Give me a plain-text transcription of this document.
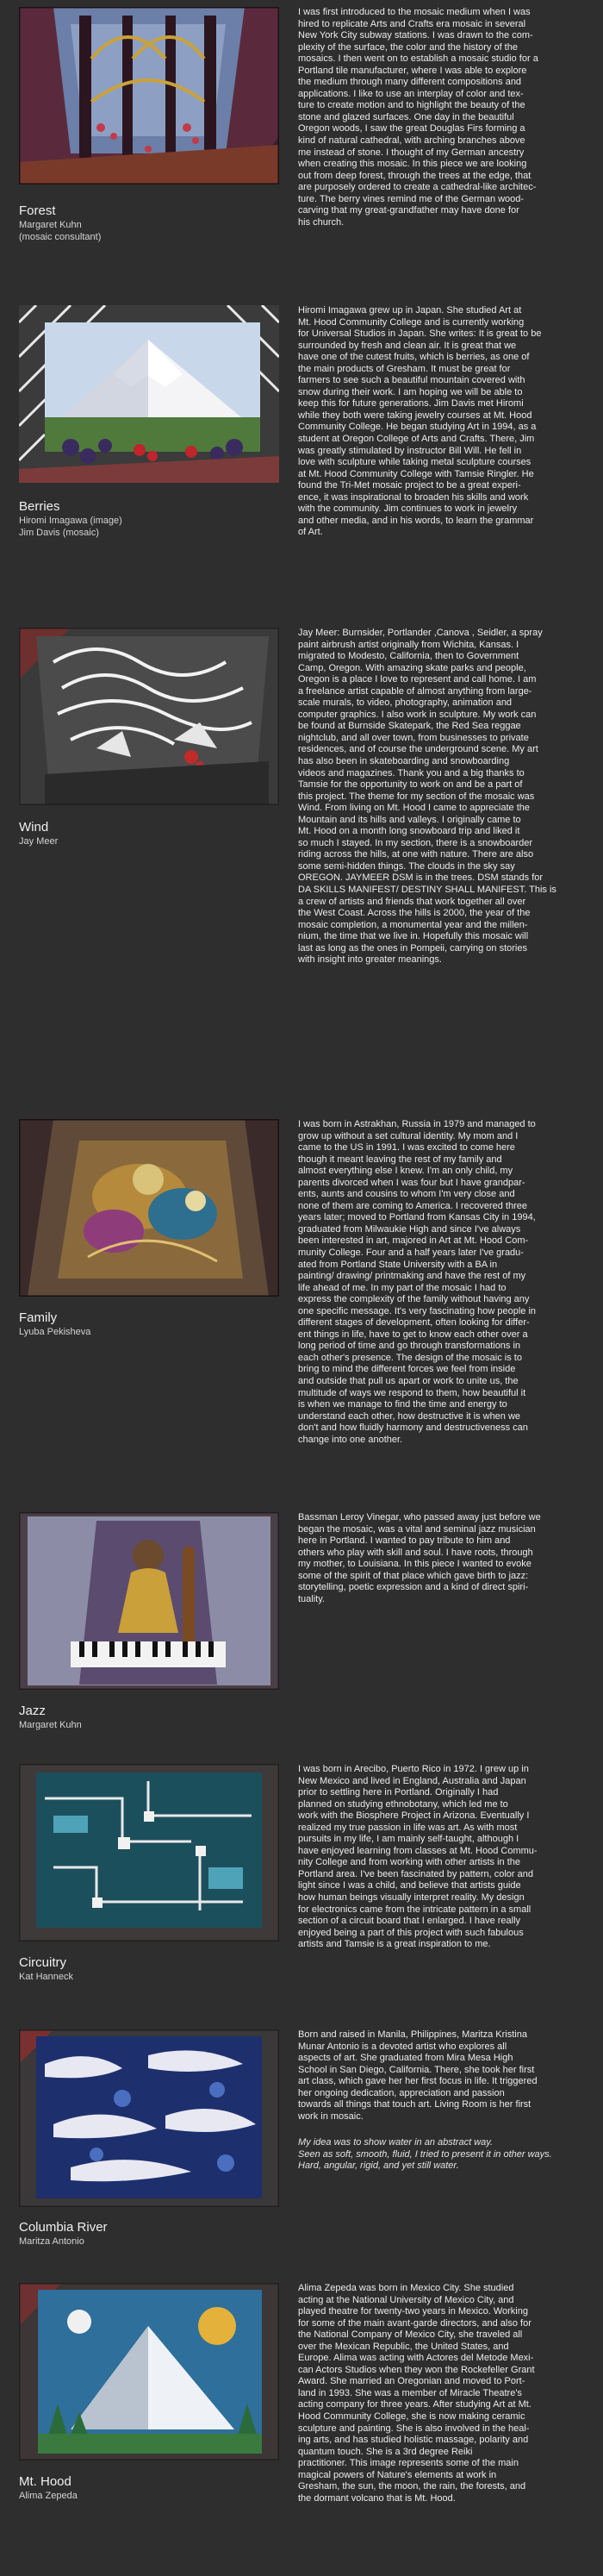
Forest

Margaret Kuhn

(mosaic consultant)

I was first introduced to the mosaic medium when I was
hired to replicate Arts and Crafts era mosaic in several
New York City subway stations. I was drawn to the com-
plexity of the surface, the color and the history of the
mosaics. I then went on to establish a mosaic studio for a
Portland tile manufacturer, where I was able to explore
the medium through many different compositions and
applications. I like to use an interplay of color and tex-
ture to create motion and to highlight the beauty of the
stone and glazed surfaces. One day in the beautiful
Oregon woods, I saw the great Douglas Firs forming a
kind of natural cathedral, with arching branches above
me instead of stone. I thought of my German ancestry
when creating this mosaic. In this piece we are looking
out from deep forest, through the trees at the edge, that
are purposely ordered to create a cathedral-like architec-
ture. The berry vines remind me of the German wood-
carving that my great-grandfather may have done for
his church.

Berries

Hiromi Imagawa (image)

Jim Davis (mosaic)

Hiromi Imagawa grew up in Japan. She studied Art at
Mt. Hood Community College and is currently working
for Universal Studios in Japan. She writes: It is great to be
surrounded by fresh and clean air. It is great that we
have one of the cutest fruits, which is berries, as one of
the main products of Gresham. It must be great for
farmers to see such a beautiful mountain covered with
snow during their work. I am hoping we will be able to
keep this for future generations. Jim Davis met Hiromi
while they both were taking jewelry courses at Mt. Hood
Community College. He began studying Art in 1994, as a
student at Oregon College of Arts and Crafts. There, Jim
was greatly stimulated by instructor Bill Will. He fell in
love with sculpture while taking metal sculpture courses
at Mt. Hood Community College with Tamsie Ringler. He
found the Tri-Met mosaic project to be a great experi-
ence, it was inspirational to broaden his skills and work
with the community. Jim continues to work in jewelry
and other media, and in his words, to learn the grammar
of Art.

Wind

Jay Meer

Jay Meer: Burnsider, Portlander ,Canova , Seidler, a spray
paint airbrush artist originally from Wichita, Kansas. I
migrated to Modesto, California, then to Government
Camp, Oregon. With amazing skate parks and people,
Oregon is a place I love to represent and call home. I am
a freelance artist capable of almost anything from large-
scale murals, to video, photography, animation and
computer graphics. I also work in sculpture. My work can
be found at Burnside Skatepark, the Red Sea reggae
nightclub, and all over town, from businesses to private
residences, and of course the underground scene. My art
has also been in skateboarding and snowboarding
videos and magazines. Thank you and a big thanks to
Tamsie for the opportunity to work on and be a part of
this project. The theme for my section of the mosaic was
Wind. From living on Mt. Hood I came to appreciate the
Mountain and its hills and valleys. I originally came to
Mt. Hood on a month long snowboard trip and liked it
so much I stayed. In my section, there is a snowboarder
riding across the hills, at one with nature. There are also
some semi-hidden things. The clouds in the sky say
OREGON. JAYMEER DSM is in the trees. DSM stands for
DA SKILLS MANIFEST/ DESTINY SHALL MANIFEST. This is
a crew of artists and friends that work together all over
the West Coast. Across the hills is 2000, the year of the
mosaic completion, a monumental year and the millen-
nium, the time that we live in. Hopefully this mosaic will
last as long as the ones in Pompeii, carrying on stories
with insight into greater meanings.

Family

Lyuba Pekisheva

I was born in Astrakhan, Russia in 1979 and managed to
grow up without a set cultural identity. My mom and I
came to the US in 1991. I was excited to come here
though it meant leaving the rest of my family and
almost everything else I knew. I'm an only child, my
parents divorced when I was four but I have grandpar-
ents, aunts and cousins to whom I'm very close and
none of them are coming to America. I recovered three
years later; moved to Portland from Kansas City in 1994,
graduated from Milwaukie High and since I've always
been interested in art, majored in Art at Mt. Hood Com-
munity College. Four and a half years later I've gradu-
ated from Portland State University with a BA in
painting/ drawing/ printmaking and have the rest of my
life ahead of me. In my part of the mosaic I had to
express the complexity of the family without having any
one specific message. It's very fascinating how people in
different stages of development, often looking for differ-
ent things in life, have to get to know each other over a
long period of time and go through transformations in
each other's presence. The design of the mosaic is to
bring to mind the different forces we feel from inside
and outside that pull us apart or work to unite us, the
multitude of ways we respond to them, how beautiful it
is when we manage to find the time and energy to
understand each other, how destructive it is when we
don't and how fluidly harmony and destructiveness can
change into one another.

Jazz

Margaret Kuhn

Bassman Leroy Vinegar, who passed away just before we
began the mosaic, was a vital and seminal jazz musician
here in Portland. I wanted to pay tribute to him and
others who play with skill and soul. I have roots, through
my mother, to Louisiana. In this piece I wanted to evoke
some of the spirit of that place which gave birth to jazz:
storytelling, poetic expression and a kind of direct spiri-
tuality.

Circuitry

Kat Hanneck

I was born in Arecibo, Puerto Rico in 1972. I grew up in
New Mexico and lived in England, Australia and Japan
prior to settling here in Portland. Originally I had
planned on studying ethnobotany, which led me to
work with the Biosphere Project in Arizona. Eventually I
realized my true passion in life was art. As with most
pursuits in my life, I am mainly self-taught, although I
have enjoyed learning from classes at Mt. Hood Commu-
nity College and from working with other artists in the
Portland area. I've been fascinated by pattern, color and
light since I was a child, and believe that artists guide
how human beings visually interpret reality. My design
for electronics came from the intricate pattern in a small
section of a circuit board that I enlarged. I have really
enjoyed being a part of this project with such fabulous
artists and Tamsie is a great inspiration to me.

Columbia River

Maritza Antonio

Born and raised in Manila, Philippines, Maritza Kristina
Munar Antonio is a devoted artist who explores all
aspects of art. She graduated from Mira Mesa High
School in San Diego, California. There, she took her first
art class, which gave her her first focus in life. It triggered
her ongoing dedication, appreciation and passion
towards all things that touch art. Living Room is her first
work in mosaic.

My idea was to show water in an abstract way.
Seen as soft, smooth, fluid, I tried to present it in other ways.
Hard, angular, rigid, and yet still water.

Mt. Hood

Alima Zepeda

Alima Zepeda was born in Mexico City. She studied
acting at the National University of Mexico City, and
played theatre for twenty-two years in Mexico. Working
for some of the main avant-garde directors, and also for
the National Company of Mexico City, she traveled all
over the Mexican Republic, the United States, and
Europe. Alima was acting with Actores del Metode Mexi-
can Actors Studios when they won the Rockefeller Grant
Award. She married an Oregonian and moved to Port-
land in 1993. She was a member of Miracle Theatre's
acting company for three years. After studying Art at Mt.
Hood Community College, she is now making ceramic
sculpture and painting. She is also involved in the heal-
ing arts, and has studied holistic massage, polarity and
quantum touch. She is a 3rd degree Reiki
practitioner. This image represents some of the main
magical powers of Nature's elements at work in
Gresham, the sun, the moon, the rain, the forests, and
the dormant volcano that is Mt. Hood.
